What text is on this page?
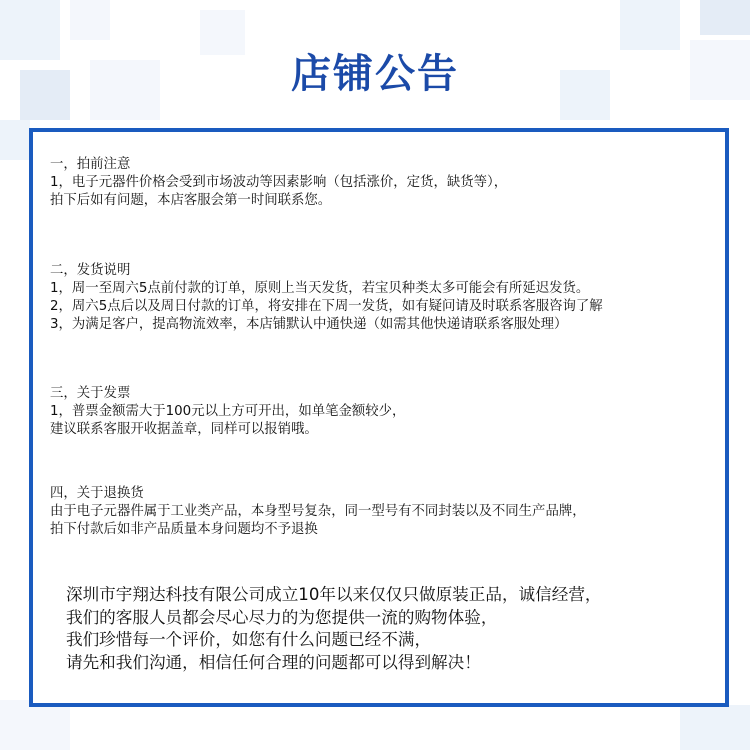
店铺公告
一，拍前注意
1，电子元器件价格会受到市场波动等因素影响（包括涨价，定货，缺货等），
拍下后如有问题，本店客服会第一时间联系您。
二，发货说明
1，周一至周六5点前付款的订单，原则上当天发货，若宝贝种类太多可能会有所延迟发货。
2，周六5点后以及周日付款的订单，将安排在下周一发货，如有疑问请及时联系客服咨询了解
3，为满足客户，提高物流效率，本店铺默认中通快递（如需其他快递请联系客服处理）
三，关于发票
1，普票金额需大于100元以上方可开出，如单笔金额较少，
建议联系客服开收据盖章，同样可以报销哦。
四，关于退换货
由于电子元器件属于工业类产品，本身型号复杂，同一型号有不同封装以及不同生产品牌，
拍下付款后如非产品质量本身问题均不予退换
深圳市宇翔达科技有限公司成立10年以来仅仅只做原装正品，诚信经营，
我们的客服人员都会尽心尽力的为您提供一流的购物体验，
我们珍惜每一个评价，如您有什么问题已经不满，
请先和我们沟通，相信任何合理的问题都可以得到解决！
